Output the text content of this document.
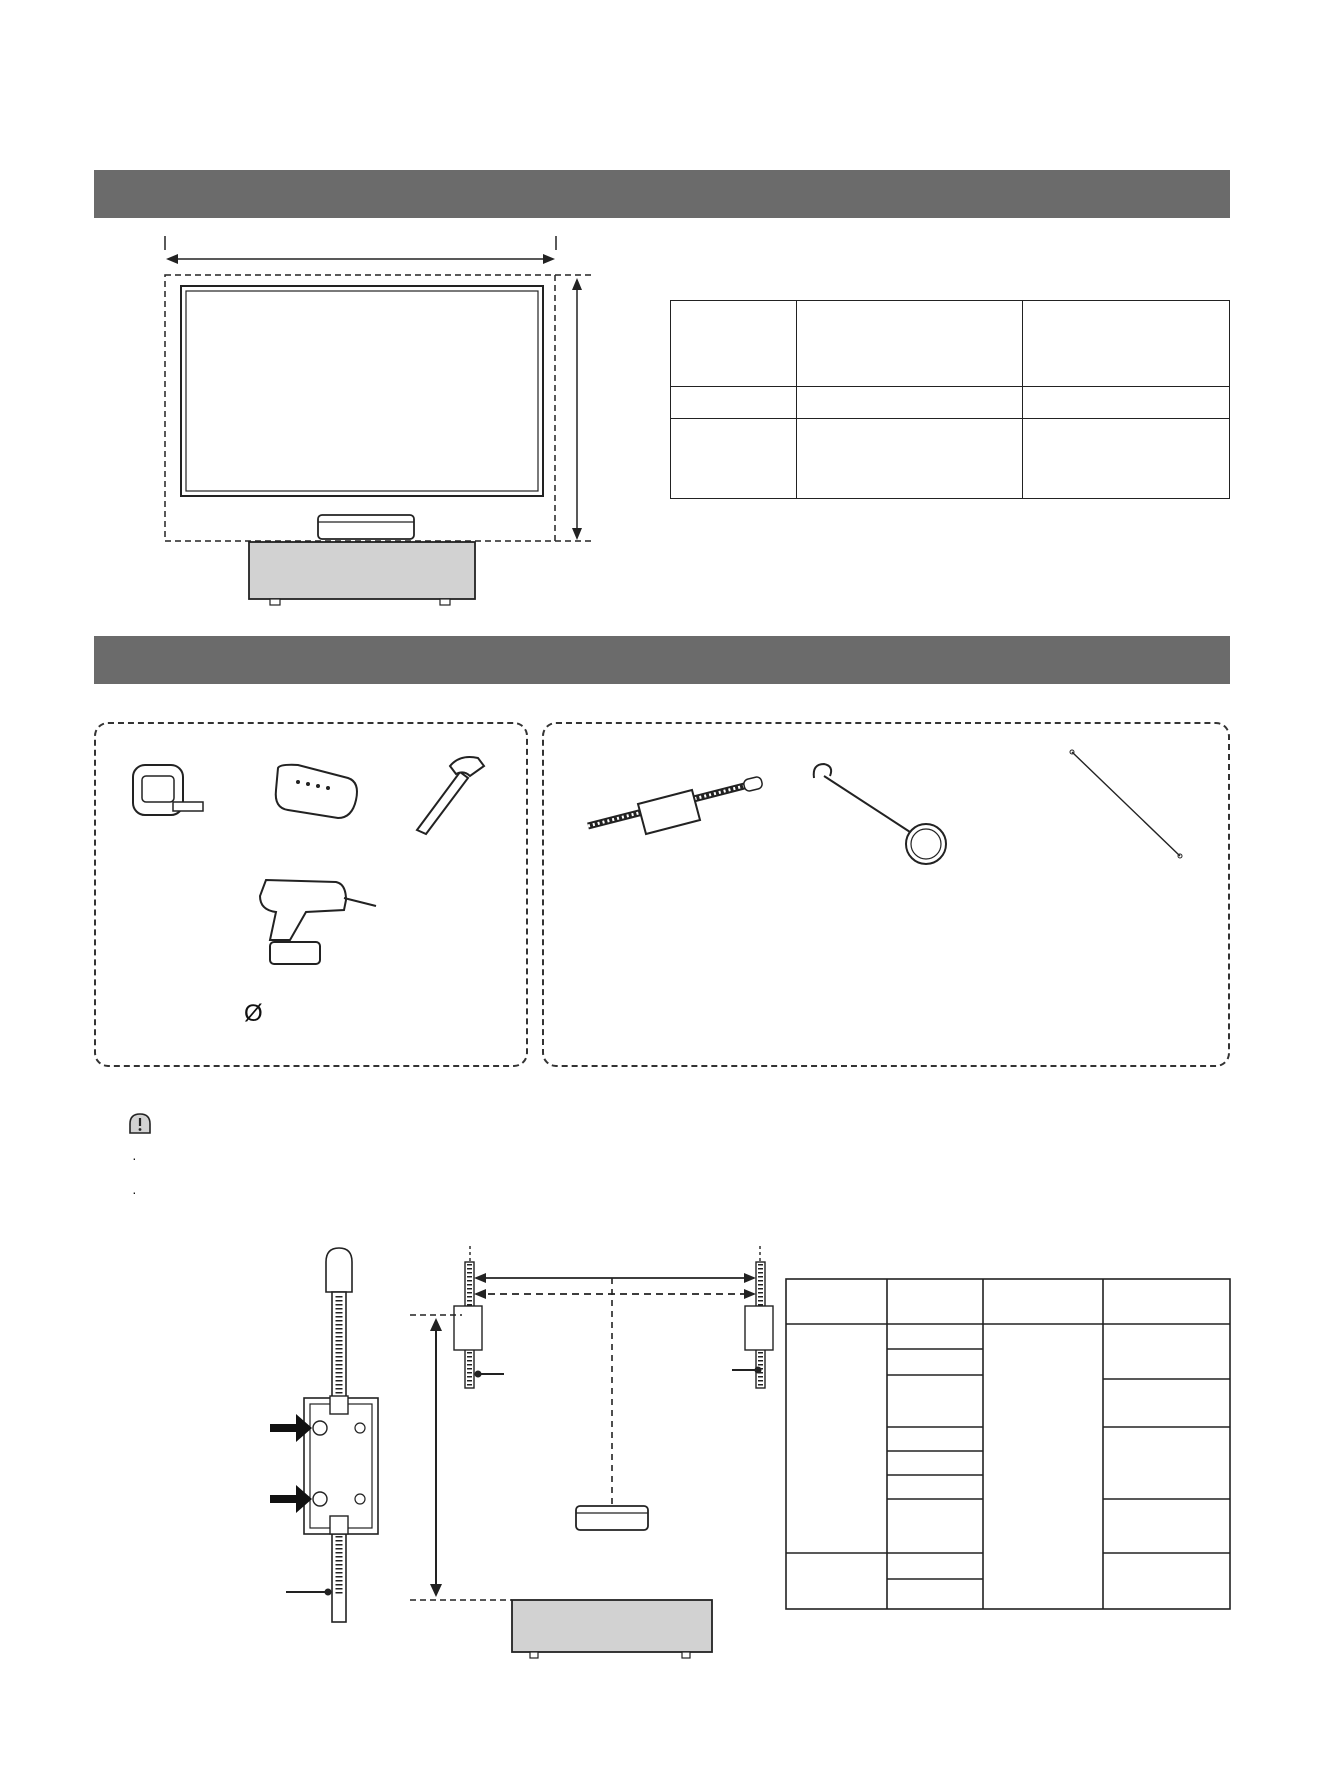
Ø
·
·
